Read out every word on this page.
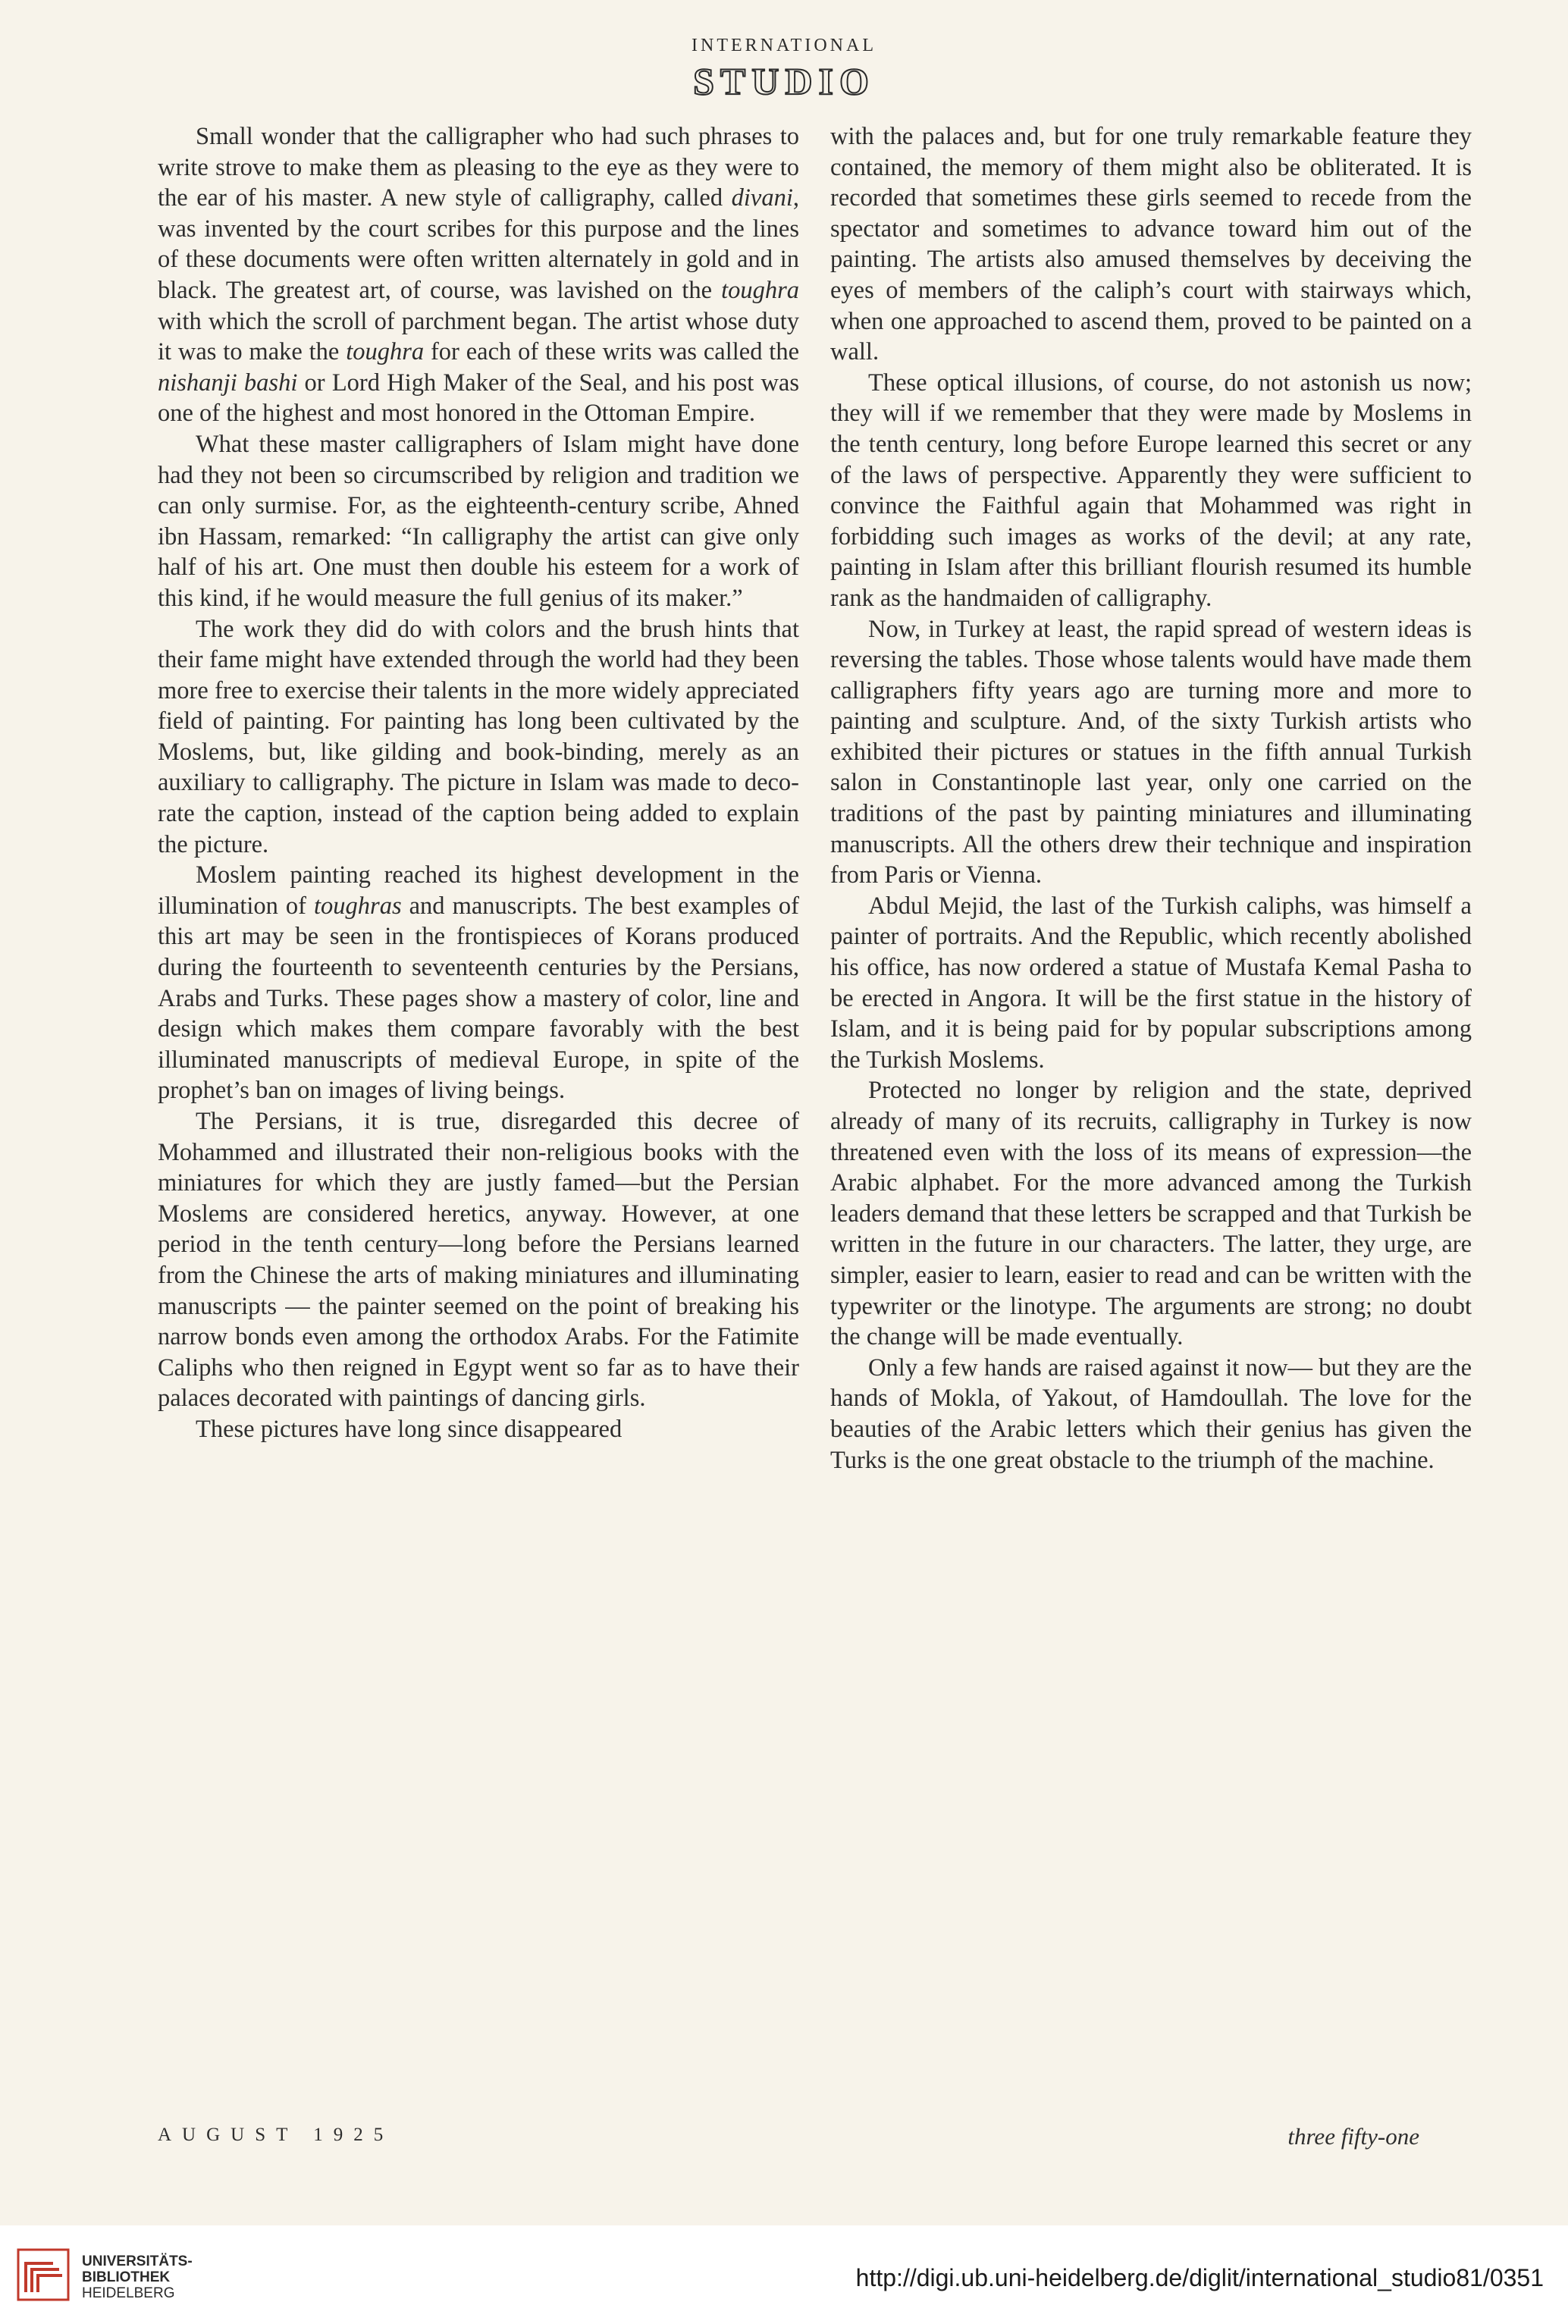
international
STUDIO

Small wonder that the calligrapher who had such phrases to write strove to make them as pleasing to the eye as they were to the ear of his master. A new style of calligraphy, called divani, was invented by the court scribes for this purpose and the lines of these documents were often written alternately in gold and in black. The greatest art, of course, was lavished on the toughra with which the scroll of parchment began. The artist whose duty it was to make the toughra for each of these writs was called the nishanji bashi or Lord High Maker of the Seal, and his post was one of the highest and most honored in the Ottoman Empire.

What these master calligraphers of Islam might have done had they not been so circumscribed by religion and tradition we can only surmise. For, as the eighteenth-century scribe, Ahned ibn Hassam, remarked: “In calligraphy the artist can give only half of his art. One must then double his esteem for a work of this kind, if he would measure the full genius of its maker.”

The work they did do with colors and the brush hints that their fame might have extended through the world had they been more free to exercise their talents in the more widely appreciated field of painting. For painting has long been cultivated by the Moslems, but, like gilding and book-binding, merely as an auxiliary to calligraphy. The picture in Islam was made to decorate the caption, instead of the caption being added to explain the picture.

Moslem painting reached its highest development in the illumination of toughras and manuscripts. The best examples of this art may be seen in the frontispieces of Korans produced during the fourteenth to seventeenth centuries by the Persians, Arabs and Turks. These pages show a mastery of color, line and design which makes them compare favorably with the best illuminated manuscripts of medieval Europe, in spite of the prophet’s ban on images of living beings.

The Persians, it is true, disregarded this decree of Mohammed and illustrated their non-religious books with the miniatures for which they are justly famed—but the Persian Moslems are considered heretics, anyway. However, at one period in the tenth century—long before the Persians learned from the Chinese the arts of making miniatures and illuminating manuscripts — the painter seemed on the point of breaking his narrow bonds even among the orthodox Arabs. For the Fatimite Caliphs who then reigned in Egypt went so far as to have their palaces decorated with paintings of dancing girls.

These pictures have long since disappeared

with the palaces and, but for one truly remarkable feature they contained, the memory of them might also be obliterated. It is recorded that sometimes these girls seemed to recede from the spectator and sometimes to advance toward him out of the painting. The artists also amused themselves by deceiving the eyes of members of the caliph’s court with stairways which, when one approached to ascend them, proved to be painted on a wall.

These optical illusions, of course, do not astonish us now; they will if we remember that they were made by Moslems in the tenth century, long before Europe learned this secret or any of the laws of perspective. Apparently they were sufficient to convince the Faithful again that Mohammed was right in forbidding such images as works of the devil; at any rate, painting in Islam after this brilliant flourish resumed its humble rank as the handmaiden of calligraphy.

Now, in Turkey at least, the rapid spread of western ideas is reversing the tables. Those whose talents would have made them calligraphers fifty years ago are turning more and more to painting and sculpture. And, of the sixty Turkish artists who exhibited their pictures or statues in the fifth annual Turkish salon in Constantinople last year, only one carried on the traditions of the past by painting miniatures and illuminating manuscripts. All the others drew their technique and inspiration from Paris or Vienna.

Abdul Mejid, the last of the Turkish caliphs, was himself a painter of portraits. And the Republic, which recently abolished his office, has now ordered a statue of Mustafa Kemal Pasha to be erected in Angora. It will be the first statue in the history of Islam, and it is being paid for by popular subscriptions among the Turkish Moslems.

Protected no longer by religion and the state, deprived already of many of its recruits, calligraphy in Turkey is now threatened even with the loss of its means of expression—the Arabic alphabet. For the more advanced among the Turkish leaders demand that these letters be scrapped and that Turkish be written in the future in our characters. The latter, they urge, are simpler, easier to learn, easier to read and can be written with the typewriter or the linotype. The arguments are strong; no doubt the change will be made eventually.

Only a few hands are raised against it now— but they are the hands of Mokla, of Yakout, of Hamdoullah. The love for the beauties of the Arabic letters which their genius has given the Turks is the one great obstacle to the triumph of the machine.

AUGUST 1925	three fifty-one
UNIVERSITÄTS-
BIBLIOTHEK
HEIDELBERG
http://digi.ub.uni-heidelberg.de/diglit/international_studio81/0351
